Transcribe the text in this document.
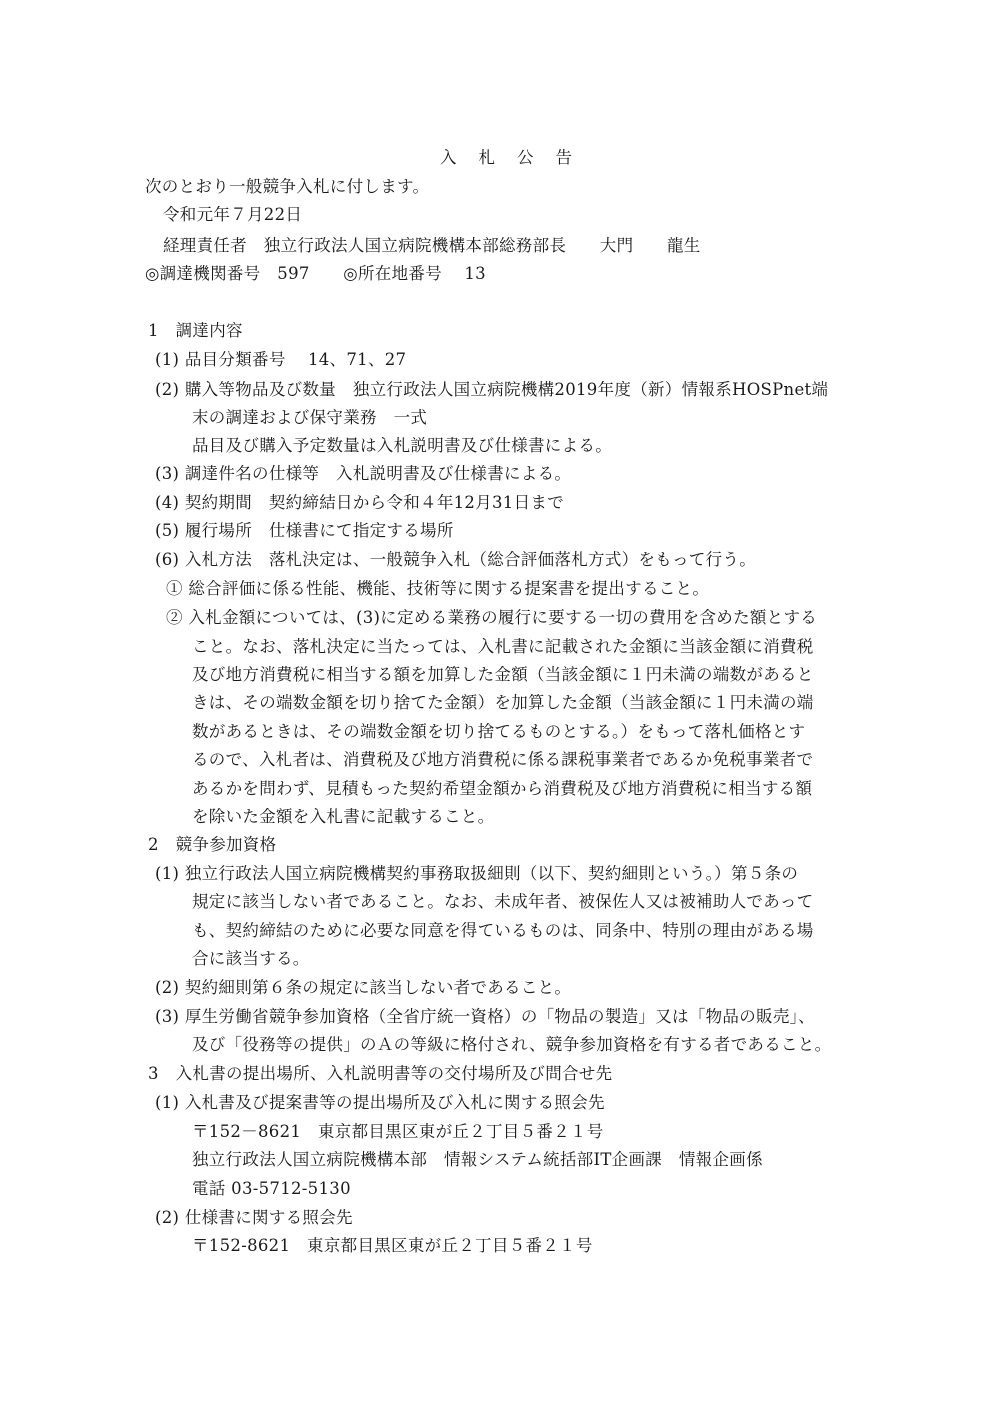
入 札 公 告
次のとおり一般競争入札に付します。
令和元年７月22日
経理責任者　独立行政法人国立病院機構本部総務部長　　大門　　龍生
◎調達機関番号　597　　◎所在地番号　 13
1　調達内容
(1) 品目分類番号　 14、71、27
(2) 購入等物品及び数量　独立行政法人国立病院機構2019年度（新）情報系HOSPnet端
末の調達および保守業務　一式
品目及び購入予定数量は入札説明書及び仕様書による。
(3) 調達件名の仕様等　入札説明書及び仕様書による。
(4) 契約期間　契約締結日から令和４年12月31日まで
(5) 履行場所　仕様書にて指定する場所
(6) 入札方法　落札決定は、一般競争入札（総合評価落札方式）をもって行う。
① 総合評価に係る性能、機能、技術等に関する提案書を提出すること。
② 入札金額については、(3)に定める業務の履行に要する一切の費用を含めた額とする
こと。なお、落札決定に当たっては、入札書に記載された金額に当該金額に消費税
及び地方消費税に相当する額を加算した金額（当該金額に１円未満の端数があると
きは、その端数金額を切り捨てた金額）を加算した金額（当該金額に１円未満の端
数があるときは、その端数金額を切り捨てるものとする。）をもって落札価格とす
るので、入札者は、消費税及び地方消費税に係る課税事業者であるか免税事業者で
あるかを問わず、見積もった契約希望金額から消費税及び地方消費税に相当する額
を除いた金額を入札書に記載すること。
2　競争参加資格
(1) 独立行政法人国立病院機構契約事務取扱細則（以下、契約細則という。）第５条の
規定に該当しない者であること。なお、未成年者、被保佐人又は被補助人であって
も、契約締結のために必要な同意を得ているものは、同条中、特別の理由がある場
合に該当する。
(2) 契約細則第６条の規定に該当しない者であること。
(3) 厚生労働省競争参加資格（全省庁統一資格）の「物品の製造」又は「物品の販売」、
及び「役務等の提供」のＡの等級に格付され、競争参加資格を有する者であること。
3　入札書の提出場所、入札説明書等の交付場所及び問合せ先
(1) 入札書及び提案書等の提出場所及び入札に関する照会先
〒152－8621　東京都目黒区東が丘２丁目５番２１号
独立行政法人国立病院機構本部　情報システム統括部IT企画課　情報企画係
電話 03-5712-5130
(2) 仕様書に関する照会先
〒152-8621　東京都目黒区東が丘２丁目５番２１号
